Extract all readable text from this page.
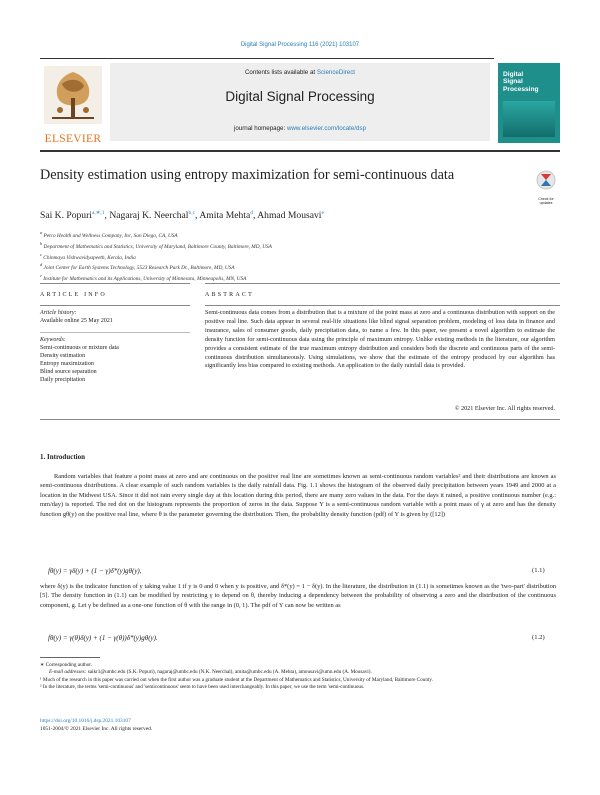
Digital Signal Processing 116 (2021) 103107
ELSEVIER
Contents lists available at ScienceDirect
Digital Signal Processing
journal homepage: www.elsevier.com/locate/dsp
Digital
Signal
Processing
Density estimation using entropy maximization for semi-continuous data
Check for updates
Sai K. Popuri$^{a,∗,1}$, Nagaraj K. Neerchal$^{b,c}$, Amita Mehta$^d$, Ahmad Mousavi$^e$
$^a$ Petco Health and Wellness Company, Inc, San Diego, CA, USA
$^b$ Department of Mathematics and Statistics, University of Maryland, Baltimore County, Baltimore, MD, USA
$^c$ Chinmaya Vishwavidyapeeth, Kerala, India
$^d$ Joint Center for Earth Systems Technology, 5523 Research Park Dr., Baltimore, MD, USA
$^e$ Institute for Mathematics and its Applications, University of Minnesota, Minneapolis, MN, USA
ARTICLE INFO
Article history:
Available online 25 May 2021
Keywords:
Semi-continuous or mixture data
Density estimation
Entropy maximization
Blind source separation
Daily precipitation
ABSTRACT
Semi-continuous data comes from a distribution that is a mixture of the point mass at zero and a continuous distribution with support on the positive real line. Such data appear in several real-life situations like blind signal separation problem, modeling of loss data in finance and insurance, sales of consumer goods, daily precipitation data, to name a few. In this paper, we present a novel algorithm to estimate the density function for semi-continuous data using the principle of maximum entropy. Unlike existing methods in the literature, our algorithm provides a consistent estimate of the true maximum entropy distribution and considers both the discrete and continuous parts of the semi-continuous distribution simultaneously. Using simulations, we show that the estimate of the entropy produced by our algorithm has significantly less bias compared to existing methods. An application to the daily rainfall data is provided.
© 2021 Elsevier Inc. All rights reserved.
1. Introduction
Random variables that feature a point mass at zero and are continuous on the positive real line are sometimes known as semi-continuous random variables² and their distributions are known as semi-continuous distributions. A clear example of such random variables is the daily rainfall data. Fig. 1.1 shows the histogram of the observed daily precipitation between years 1949 and 2000 at a location in the Midwest USA. Since it did not rain every single day at this location during this period, there are many zero values in the data. For the days it rained, a positive continuous number (e.g.: mm/day) is reported. The red dot on the histogram represents the proportion of zeros in the data. Suppose Y is a semi-continuous random variable with a point mass of γ at zero and has the density function gθ(y) on the positive real line, where θ is the parameter governing the distribution. Then, the probability density function (pdf) of Y is given by ([12])
fθ(y) = γδ(y) + (1 − γ)δ*(y)gθ(y),	(1.1)
where δ(y) is the indicator function of y taking value 1 if y is 0 and 0 when y is positive, and δ*(y) = 1 − δ(y). In the literature, the distribution in (1.1) is sometimes known as the 'two-part' distribution [5]. The density function in (1.1) can be modified by restricting γ to depend on θ, thereby inducing a dependency between the probability of observing a zero and the distribution of the continuous component, g. Let γ be defined as a one-one function of θ with the range in (0, 1). The pdf of Y can now be written as
fθ(y) = γ(θ)δ(y) + (1 − γ(θ))δ*(y)gθ(y).	(1.2)
∗ Corresponding author.
E-mail addresses: saikr1@umbc.edu (S.K. Popuri), nagaraj@umbc.edu (N.K. Neerchal), amita@umbc.edu (A. Mehta), amousavi@umn.edu (A. Mousavi).
¹ Much of the research in this paper was carried out when the first author was a graduate student at the Department of Mathematics and Statistics, University of Maryland, Baltimore County.
² In the literature, the terms 'semi-continuous' and 'semicontinuous' seem to have been used interchangeably. In this paper, we use the term 'semi-continuous.
https://doi.org/10.1016/j.dsp.2021.103107
1051-2004/© 2021 Elsevier Inc. All rights reserved.
